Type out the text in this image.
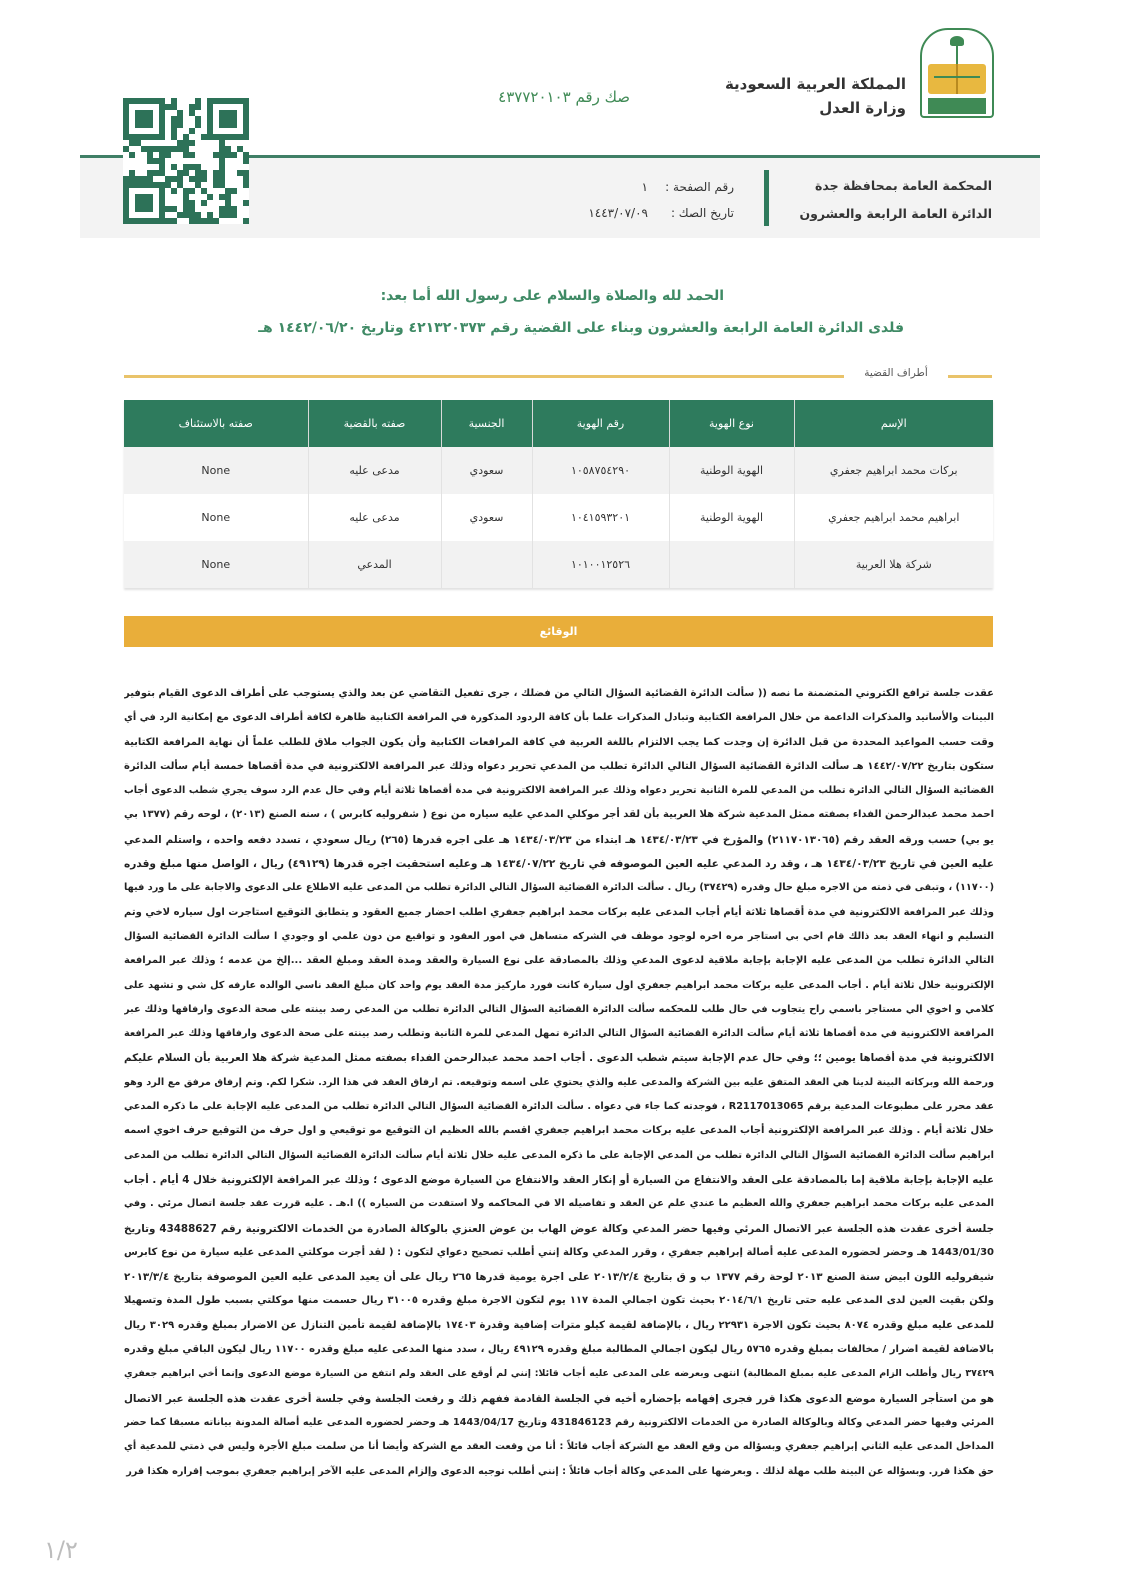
المملكة العربية السعودية
وزارة العدل
صك رقم ٤٣٧٧٢٠١٠٣
المحكمة العامة بمحافظة جدة
الدائرة العامة الرابعة والعشرون
رقم الصفحة :
١
تاريخ الصك :
١٤٤٣/٠٧/٠٩
الحمد لله والصلاة والسلام على رسول الله أما بعد:
فلدى الدائرة العامة الرابعة والعشرون وبناء على القضية رقم ٤٢١٣٢٠٣٧٣ وتاريخ ١٤٤٢/٠٦/٢٠ هـ
أطراف القضية
الإسم	نوع الهوية	رقم الهوية	الجنسية	صفته بالقضية	صفته بالاستئناف
بركات محمد ابراهيم جعفري	الهوية الوطنية	١٠٥٨٧٥٤٢٩٠	سعودي	مدعى عليه	None
ابراهيم محمد ابراهيم جعفري	الهوية الوطنية	١٠٤١٥٩٣٢٠١	سعودي	مدعى عليه	None
شركة هلا العربية		١٠١٠٠١٢٥٢٦		المدعي	None
الوقائع
عقدت جلسة ترافع الكتروني المتضمنة ما نصه (( سألت الدائرة القضائية السؤال التالي من فضلك ، جرى تفعيل التقاضي عن بعد والذي يستوجب على أطراف الدعوى القيام بتوفير
البينات والأسانيد والمذكرات الداعمة من خلال المرافعة الكتابية وتبادل المذكرات علما بأن كافة الردود المذكورة في المرافعة الكتابية ظاهرة لكافة أطراف الدعوى مع إمكانية الرد في أي
وقت حسب المواعيد المحددة من قبل الدائرة إن وجدت كما يجب الالتزام باللغة العربية في كافة المرافعات الكتابية وأن يكون الجواب ملاق للطلب علماً أن نهاية المرافعة الكتابية
ستكون بتاريخ ١٤٤٢/٠٧/٢٢ هـ سألت الدائرة القضائية السؤال التالي الدائرة تطلب من المدعي تحرير دعواه وذلك عبر المرافعة الالكترونية في مدة أقصاها خمسة أيام سألت الدائرة
القضائية السؤال التالي الدائرة تطلب من المدعي للمرة الثانية تحرير دعواه وذلك عبر المرافعة الالكترونية في مدة أقصاها ثلاثة أيام وفي حال عدم الرد سوف يجري شطب الدعوى أجاب
احمد محمد عبدالرحمن الفداء بصفته ممثل المدعية شركة هلا العربية بأن لقد أجر موكلي المدعي عليه سياره من نوع ( شفروليه كابرس ) ، سنه الصنع (٢٠١٣) ، لوحه رقم (١٣٧٧ بي
يو بي) حسب ورقه العقد رقم (٢١١٧٠١٣٠٦٥) والمؤرخ في ١٤٣٤/٠٣/٢٣ هـ ابتداء من ١٤٣٤/٠٣/٢٣ هـ على اجره قدرها (٢٦٥) ريال سعودي ، تسدد دفعه واحده ، واستلم المدعي
عليه العين في تاريخ ١٤٣٤/٠٣/٢٣ هـ ، وقد رد المدعي عليه العين الموصوفه في تاريخ ١٤٣٤/٠٧/٢٢ هـ وعليه استحقيت اجره قدرها (٤٩١٢٩) ريال ، الواصل منها مبلغ وقدره
(١١٧٠٠) ، وتبقى في ذمته من الاجره مبلغ حال وقدره (٣٧٤٢٩) ريال . سألت الدائرة القضائية السؤال التالي الدائرة تطلب من المدعى عليه الاطلاع على الدعوى والاجابة على ما ورد فيها
وذلك عبر المرافعة الالكترونية في مدة أقصاها ثلاثة أيام أجاب المدعى عليه بركات محمد ابراهيم جعفري اطلب احضار جميع العقود و يتطابق التوقيع استاجرت اول سياره لاخي وتم
التسليم و انهاء العقد بعد ذالك قام اخي بي استاجر مره اخره لوجود موظف في الشركه متساهل في امور العقود و تواقيع من دون علمي او وجودي ا سألت الدائرة القضائية السؤال
التالي الدائرة تطلب من المدعى عليه الإجابة بإجابة ملاقية لدعوى المدعي وذلك بالمصادقة على نوع السيارة والعقد ومدة العقد ومبلغ العقد ...إلخ من عدمه ؛ وذلك عبر المرافعة
الإلكترونية خلال ثلاثة أيام . أجاب المدعى عليه بركات محمد ابراهيم جعفري اول سيارة كانت فورد ماركيز مدة العقد يوم واحد كان مبلغ العقد ناسي الوالده عارفه كل شي و تشهد على
كلامي و اخوي الي مستاجر باسمي راح يتجاوب في حال طلب للمحكمه سألت الدائرة القضائية السؤال التالي الدائرة تطلب من المدعي رصد بينته على صحة الدعوى وارفاقها وذلك عبر
المرافعة الالكترونية في مدة أقصاها ثلاثة أيام سألت الدائرة القضائية السؤال التالي الدائرة تمهل المدعي للمرة الثانية وتطلب رصد بينته على صحة الدعوى وارفاقها وذلك عبر المرافعة
الالكترونية في مدة أقصاها يومين ؛؛ وفي حال عدم الإجابة سيتم شطب الدعوى . أجاب احمد محمد عبدالرحمن الفداء بصفته ممثل المدعية شركة هلا العربية بأن السلام عليكم
ورحمة الله وبركاته البينة لدينا هي العقد المتفق عليه بين الشركة والمدعى عليه والذي يحتوي على اسمه وتوقيعه. تم ارفاق العقد في هذا الرد. شكرا لكم. وتم إرفاق مرفق مع الرد وهو
عقد محرر على مطبوعات المدعية برقم R2117013065 ، فوجدته كما جاء في دعواه . سألت الدائرة القضائية السؤال التالي الدائرة تطلب من المدعى عليه الإجابة على ما ذكره المدعي
خلال ثلاثة أيام . وذلك عبر المرافعة الإلكترونية أجاب المدعى عليه بركات محمد ابراهيم جعفري اقسم بالله العظيم ان التوقيع مو توقيعي و اول حرف من التوقيع حرف اخوي اسمه
ابراهيم سألت الدائرة القضائية السؤال التالي الدائرة تطلب من المدعي الإجابة على ما ذكره المدعى عليه خلال ثلاثة أيام سألت الدائرة القضائية السؤال التالي الدائرة تطلب من المدعى
عليه الإجابة بإجابة ملاقية إما بالمصادقة على العقد والانتفاع من السيارة أو إنكار العقد والانتفاع من السيارة موضع الدعوى ؛ وذلك عبر المرافعة الإلكترونية خلال 4 أيام . أجاب
المدعى عليه بركات محمد ابراهيم جعفري والله العظيم ما عندي علم عن العقد و تفاصيله الا في المحاكمه ولا استفدت من السياره )) ا.هـ . عليه قررت عقد جلسة اتصال مرئي . وفي
جلسة أخرى عقدت هذه الجلسة عبر الاتصال المرئي وفيها حضر المدعي وكالة عوض الهاب بن عوض العنزي بالوكالة الصادرة من الخدمات الالكترونية رقم 43488627 وتاريخ
1443/01/30 هـ وحضر لحضوره المدعى عليه أصالة إبراهيم جعفري ، وقرر المدعي وكالة إنني أطلب تصحيح دعواي لتكون : ( لقد أجرت موكلتي المدعى عليه سيارة من نوع كابرس
شيفروليه اللون ابيض سنة الصنع ٢٠١٣ لوحة رقم ١٣٧٧ ب و ق بتاريخ ٢٠١٣/٢/٤ على اجرة يومية قدرها ٢٦٥ ريال على أن يعيد المدعى عليه العين الموصوفة بتاريخ ٢٠١٣/٣/٤
ولكن بقيت العين لدى المدعى عليه حتى تاريخ ٢٠١٤/٦/١ بحيث تكون اجمالي المدة ١١٧ يوم لتكون الاجرة مبلغ وقدره ٣١٠٠٥ ريال حسمت منها موكلتي بسبب طول المدة وتسهيلا
للمدعى عليه مبلغ وقدره ٨٠٧٤ بحيث تكون الاجرة ٢٢٩٣١ ريال ، بالإضافة لقيمة كيلو مترات إضافية وقدرة ١٧٤٠٣ بالإضافة لقيمة تأمين التنازل عن الاضرار بمبلغ وقدره ٣٠٢٩ ريال
بالاضافة لقيمة اضرار / مخالفات بمبلغ وقدره ٥٧٦٥ ريال ليكون اجمالي المطالبة مبلغ وقدره ٤٩١٢٩ ريال ، سدد منها المدعى عليه مبلغ وقدره ١١٧٠٠ ريال ليكون الباقي مبلغ وقدره
٣٧٤٢٩ ريال وأطلب الزام المدعى عليه بمبلغ المطالبة) انتهى وبعرضه على المدعى عليه أجاب قائلا: إنني لم أوقع على العقد ولم انتفع من السيارة موضع الدعوى وإنما أخي ابراهيم جعفري
هو من استأجر السيارة موضع الدعوى هكذا قرر فجرى إفهامه بإحضاره أخيه في الجلسة القادمة ففهم ذلك و رفعت الجلسة وفي جلسة أخرى عقدت هذه الجلسة عبر الاتصال
المرئي وفيها حضر المدعي وكالة وبالوكالة الصادرة من الخدمات الالكترونية رقم 431846123 وتاريخ 1443/04/17 هـ وحضر لحضوره المدعى عليه أصالة المدونة بياناته مسبقا كما حضر
المداخل المدعى عليه الثاني إبراهيم جعفري وبسؤاله من وقع العقد مع الشركة أجاب قائلاً : أنا من وقعت العقد مع الشركة وأيضا أنا من سلمت مبلغ الأجرة وليس في ذمتي للمدعية أي
حق هكذا قرر. وبسؤاله عن البينة طلب مهلة لذلك . وبعرضها على المدعي وكالة أجاب قائلاً : إنني أطلب توجيه الدعوى وإلزام المدعى عليه الآخر إبراهيم جعفري بموجب إقراره هكذا قرر
١/٢
